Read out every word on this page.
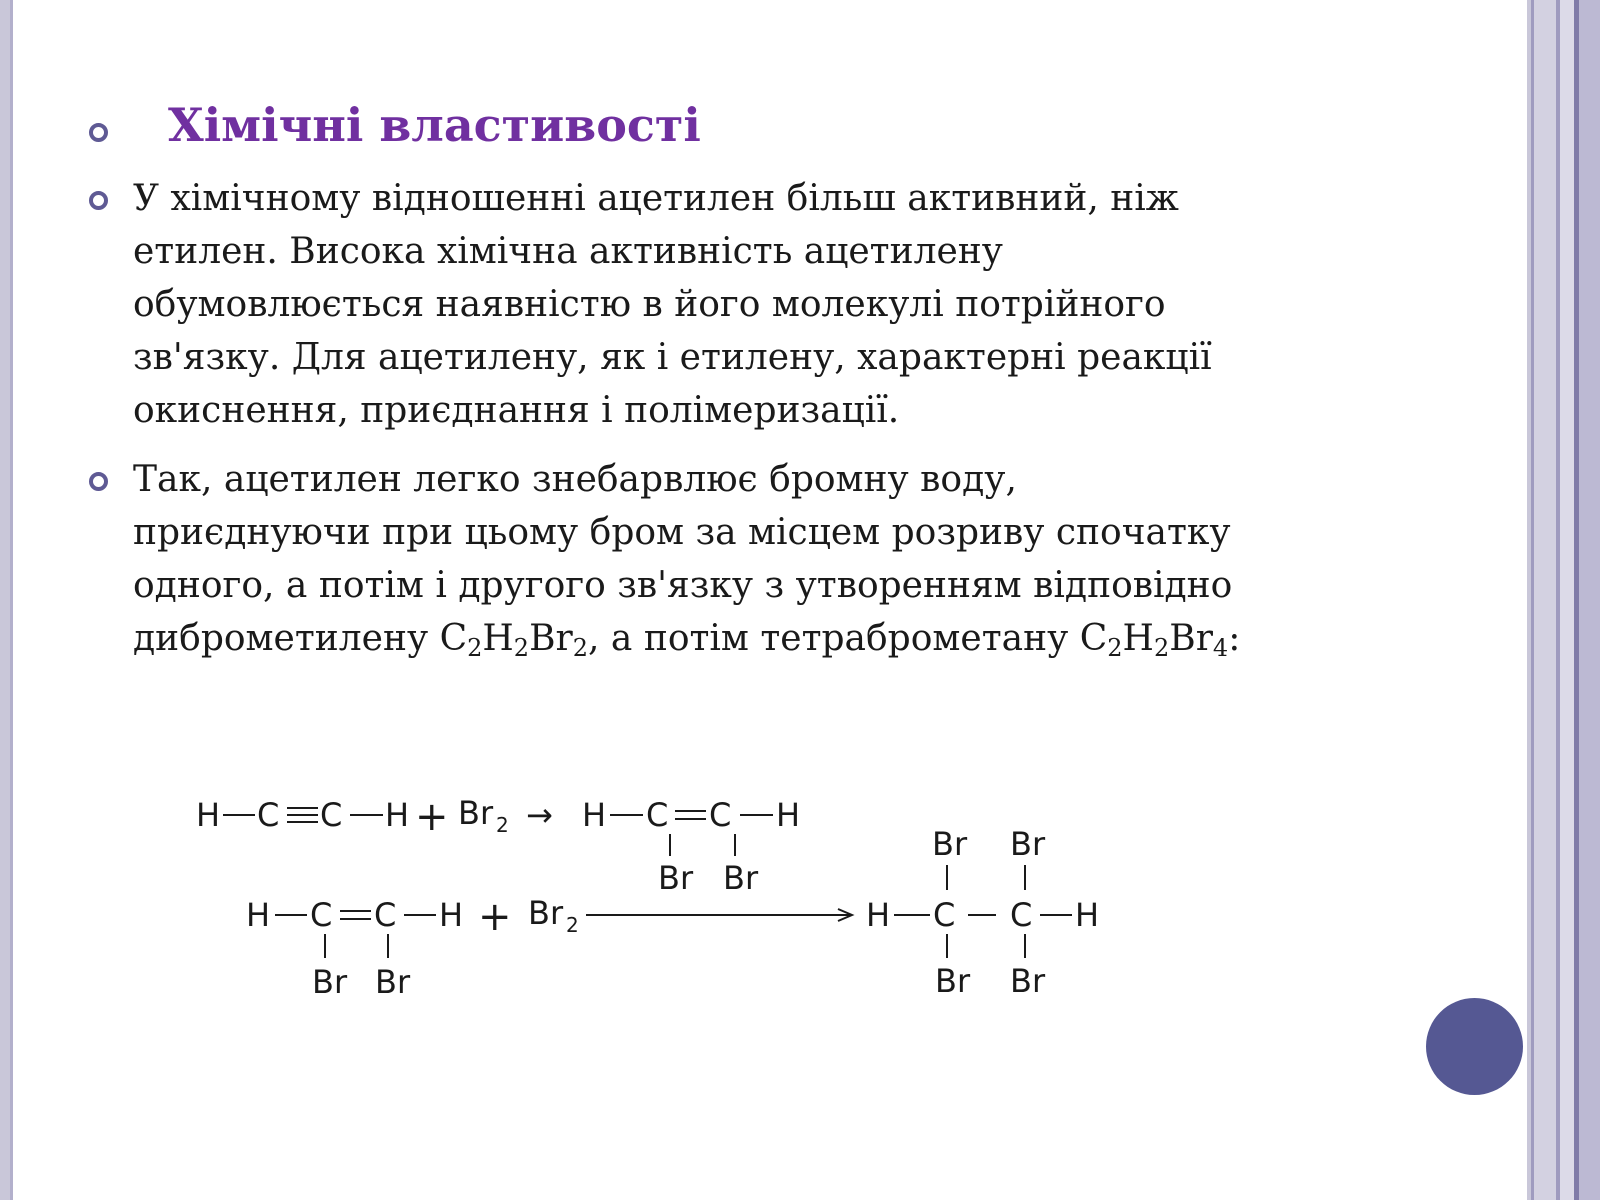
Хімічні властивості

У хімічному відношенні ацетилен більш активний, ніж
етилен. Висока хімічна активність ацетилену
обумовлюється наявністю в його молекулі потрійного
зв'язку. Для ацетилену, як і етилену, характерні реакції
окиснення, приєднання і полімеризації.

Так, ацетилен легко знебарвлює бромну воду,
приєднуючи при цьому бром за місцем розриву спочатку
одного, а потім і другого зв'язку з утворенням відповідно
диброметилену $C_2H_2Br_2$, а потім тетраброметану $C_2H_2Br_4$:

H C C H + Br 2 → H C C H
Br Br
H C C H + Br 2
Br Br
H C C H
Br Br
Br Br
